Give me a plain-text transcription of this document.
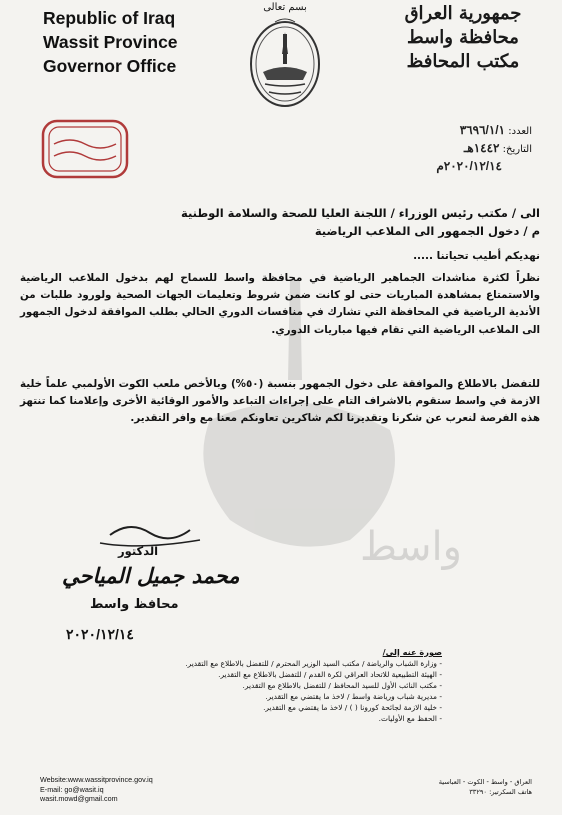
Republic of Iraq
Wassit Province
Governor Office
بسم تعالى	جمهورية العراق
محافظة واسط
مكتب المحافظ
العدد: ٣٦٩٦/١/١
التاريخ: ١٤٤٢هـ
٢٠٢٠/١٢/١٤م
واسط
الى / مكتب رئيس الوزراء / اللجنة العليا للصحة والسلامة الوطنية
م / دخول الجمهور الى الملاعب الرياضية
نهديكم أطيب تحياتنا .....
نظراً لكثرة مناشدات الجماهير الرياضية في محافظة واسط للسماح لهم بدخول الملاعب الرياضية والاستمتاع بمشاهدة المباريات حتى لو كانت ضمن شروط وتعليمات الجهات الصحية ولورود طلبات من الأندية الرياضية في المحافظة التي تشارك في منافسات الدوري الحالي بطلب الموافقة لدخول الجمهور الى الملاعب الرياضية التي تقام فيها مباريات الدوري.
للتفضل بالاطلاع والموافقة على دخول الجمهور بنسبة (٥٠%) وبالأخص ملعب الكوت الأولمبي علماً خلية الازمة في واسط ستقوم بالاشراف التام على إجراءات التباعد والأمور الوقائية الأخرى وإعلامنا كما تنتهز هذه الفرصة لنعرب عن شكرنا وتقديرنا لكم شاكرين تعاونكم معنا مع وافر التقدير.
الدكتور
محمد جميل المياحي
محافظ واسط
٢٠٢٠/١٢/١٤
صورة عنه إلى/
- وزارة الشباب والرياضة / مكتب السيد الوزير المحترم / للتفضل بالاطلاع مع التقدير.
- الهيئة التطبيعية للاتحاد العراقي لكرة القدم / للتفضل بالاطلاع مع التقدير.
- مكتب النائب الأول للسيد المحافظ / للتفضل بالاطلاع مع التقدير.
- مديرية شباب ورياضة واسط / لاخذ ما يقتضي مع التقدير.
- خلية الازمة لجائحة كورونا ( ) / لاخذ ما يقتضي مع التقدير.
- الحفظ مع الأوليات.
Website:www.wassitprovince.gov.iq
E-mail: go@wasit.iq
wasit.mowd@gmail.com
العراق - واسط - الكوت - العباسية
هاتف السكرتير: ٣٣٢٩٠
